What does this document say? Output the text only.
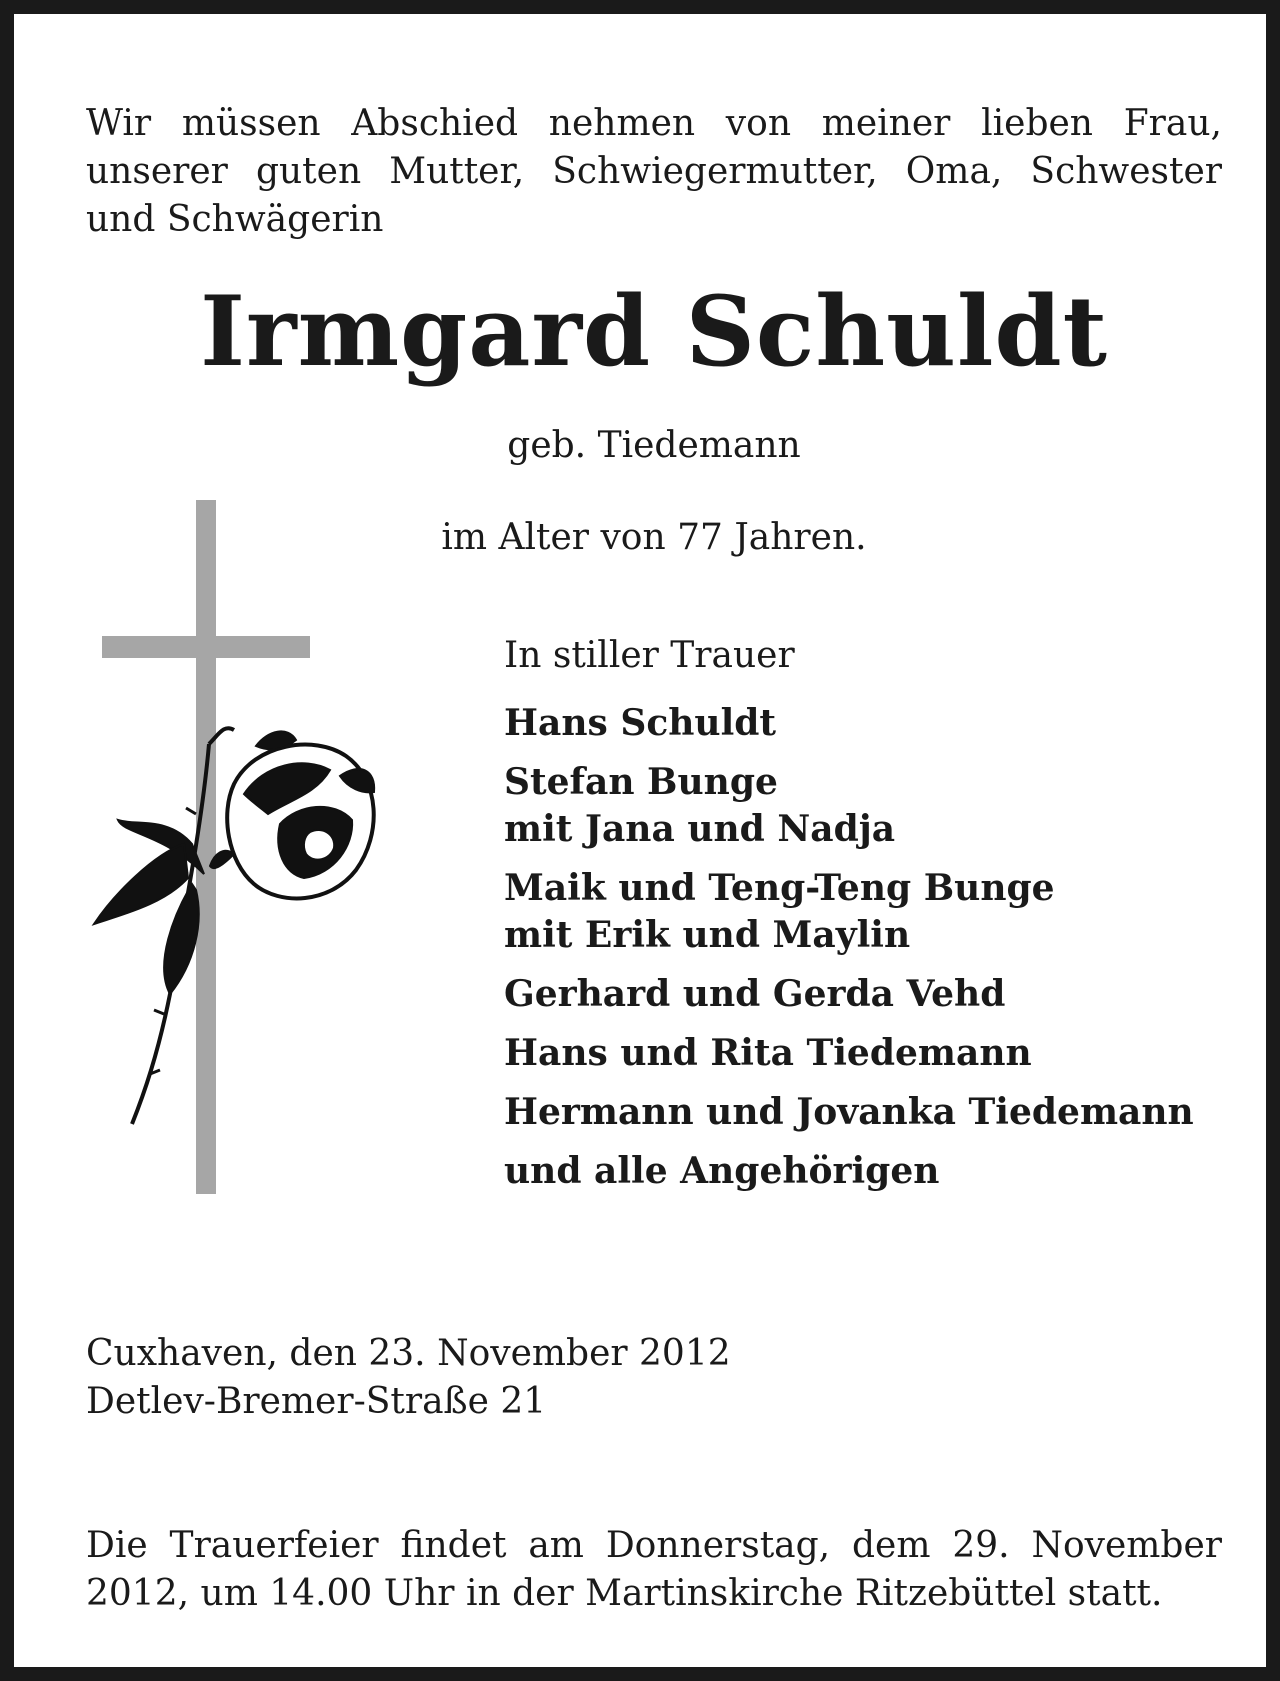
Wir müssen Abschied nehmen von meiner lieben Frau,
unserer guten Mutter, Schwiegermutter, Oma, Schwester
und Schwägerin

Irmgard Schuldt

geb. Tiedemann

im Alter von 77 Jahren.

In stiller Trauer

Hans Schuldt
Stefan Bunge
mit Jana und Nadja
Maik und Teng-Teng Bunge
mit Erik und Maylin
Gerhard und Gerda Vehd
Hans und Rita Tiedemann
Hermann und Jovanka Tiedemann
und alle Angehörigen

Cuxhaven, den 23. November 2012
Detlev-Bremer-Straße 21

Die Trauerfeier findet am Donnerstag, dem 29. November
2012, um 14.00 Uhr in der Martinskirche Ritzebüttel statt.
